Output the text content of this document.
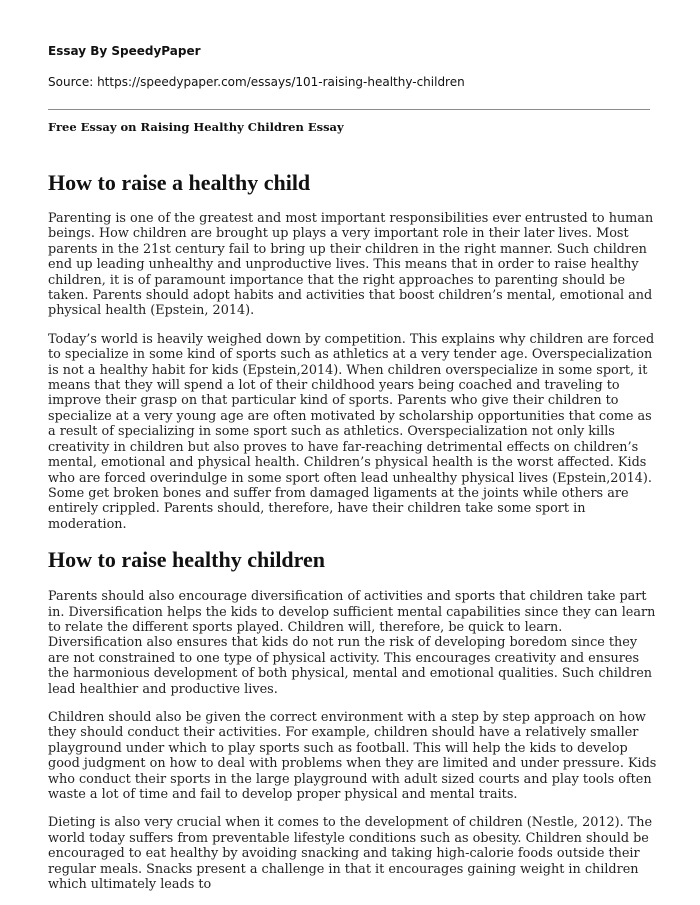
Essay By SpeedyPaper
Source: https://speedypaper.com/essays/101-raising-healthy-children
Free Essay on Raising Healthy Children Essay
How to raise a healthy child

Parenting is one of the greatest and most important responsibilities ever entrusted to human beings. How children are brought up plays a very important role in their later lives. Most parents in the 21st century fail to bring up their children in the right manner. Such children end up leading unhealthy and unproductive lives. This means that in order to raise healthy children, it is of paramount importance that the right approaches to parenting should be taken. Parents should adopt habits and activities that boost children’s mental, emotional and physical health (Epstein, 2014).

Today’s world is heavily weighed down by competition. This explains why children are forced to specialize in some kind of sports such as athletics at a very tender age. Overspecialization is not a healthy habit for kids (Epstein,2014). When children overspecialize in some sport, it means that they will spend a lot of their childhood years being coached and traveling to improve their grasp on that particular kind of sports. Parents who give their children to specialize at a very young age are often motivated by scholarship opportunities that come as a result of specializing in some sport such as athletics. Overspecialization not only kills creativity in children but also proves to have far-reaching detrimental effects on children’s mental, emotional and physical health. Children’s physical health is the worst affected. Kids who are forced overindulge in some sport often lead unhealthy physical lives (Epstein,2014). Some get broken bones and suffer from damaged ligaments at the joints while others are entirely crippled. Parents should, therefore, have their children take some sport in moderation.

How to raise healthy children

Parents should also encourage diversification of activities and sports that children take part in. Diversification helps the kids to develop sufficient mental capabilities since they can learn to relate the different sports played. Children will, therefore, be quick to learn. Diversification also ensures that kids do not run the risk of developing boredom since they are not constrained to one type of physical activity. This encourages creativity and ensures the harmonious development of both physical, mental and emotional qualities. Such children lead healthier and productive lives.

Children should also be given the correct environment with a step by step approach on how they should conduct their activities. For example, children should have a relatively smaller playground under which to play sports such as football. This will help the kids to develop good judgment on how to deal with problems when they are limited and under pressure. Kids who conduct their sports in the large playground with adult sized courts and play tools often waste a lot of time and fail to develop proper physical and mental traits.

Dieting is also very crucial when it comes to the development of children (Nestle, 2012). The world today suffers from preventable lifestyle conditions such as obesity. Children should be encouraged to eat healthy by avoiding snacking and taking high-calorie foods outside their regular meals. Snacks present a challenge in that it encourages gaining weight in children which ultimately leads to
